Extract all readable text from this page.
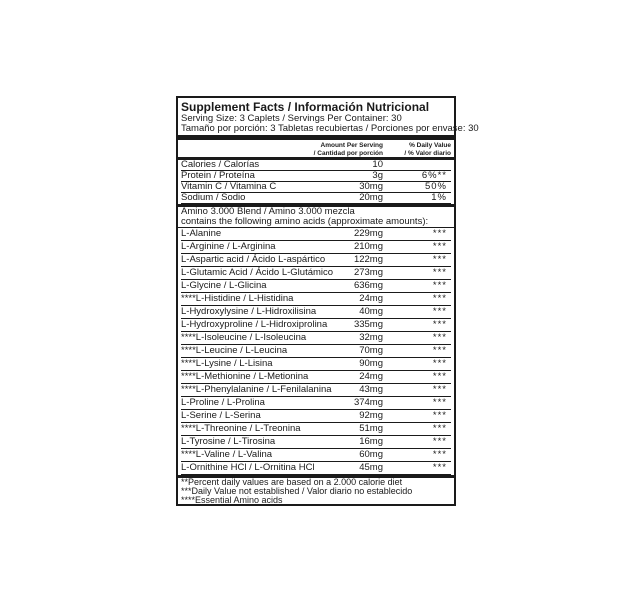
Supplement Facts / Información Nutricional
Serving Size: 3 Caplets / Servings Per Container: 30
Tamaño por porción: 3 Tabletas recubiertas / Porciones por envase: 30
Amount Per Serving
/ Cantidad por porción
% Daily Value
/ % Valor diario
Calories / Calorías	10
Protein / Proteína	3g	6%**
Vitamin C / Vitamina C	30mg	50%
Sodium / Sodio	20mg	1%
Amino 3.000 Blend / Amino 3.000 mezcla
contains the following amino acids (approximate amounts):
L-Alanine	229mg	***
L-Arginine / L-Arginina	210mg	***
L-Aspartic acid / Ácido L-aspártico	122mg	***
L-Glutamic Acid / Ácido L-Glutámico 273mg	***
L-Glycine / L-Glicina	636mg	***
****L-Histidine / L-Histidina	24mg	***
L-Hydroxylysine / L-Hidroxilisina	40mg	***
L-Hydroxyproline / L-Hidroxiprolina	335mg	***
****L-Isoleucine / L-Isoleucina	32mg	***
****L-Leucine / L-Leucina	70mg	***
****L-Lysine / L-Lisina	90mg	***
****L-Methionine / L-Metionina	24mg	***
****L-Phenylalanine / L-Fenilalanina	43mg	***
L-Proline / L-Prolina	374mg	***
L-Serine / L-Serina	92mg	***
****L-Threonine / L-Treonina	51mg	***
L-Tyrosine / L-Tirosina	16mg	***
****L-Valine / L-Valina	60mg	***
L-Ornithine HCl / L-Ornitina HCl	45mg	***
**Percent daily values are based on a 2.000 calorie diet
***Daily Value not established / Valor diario no establecido
****Essential Amino acids
